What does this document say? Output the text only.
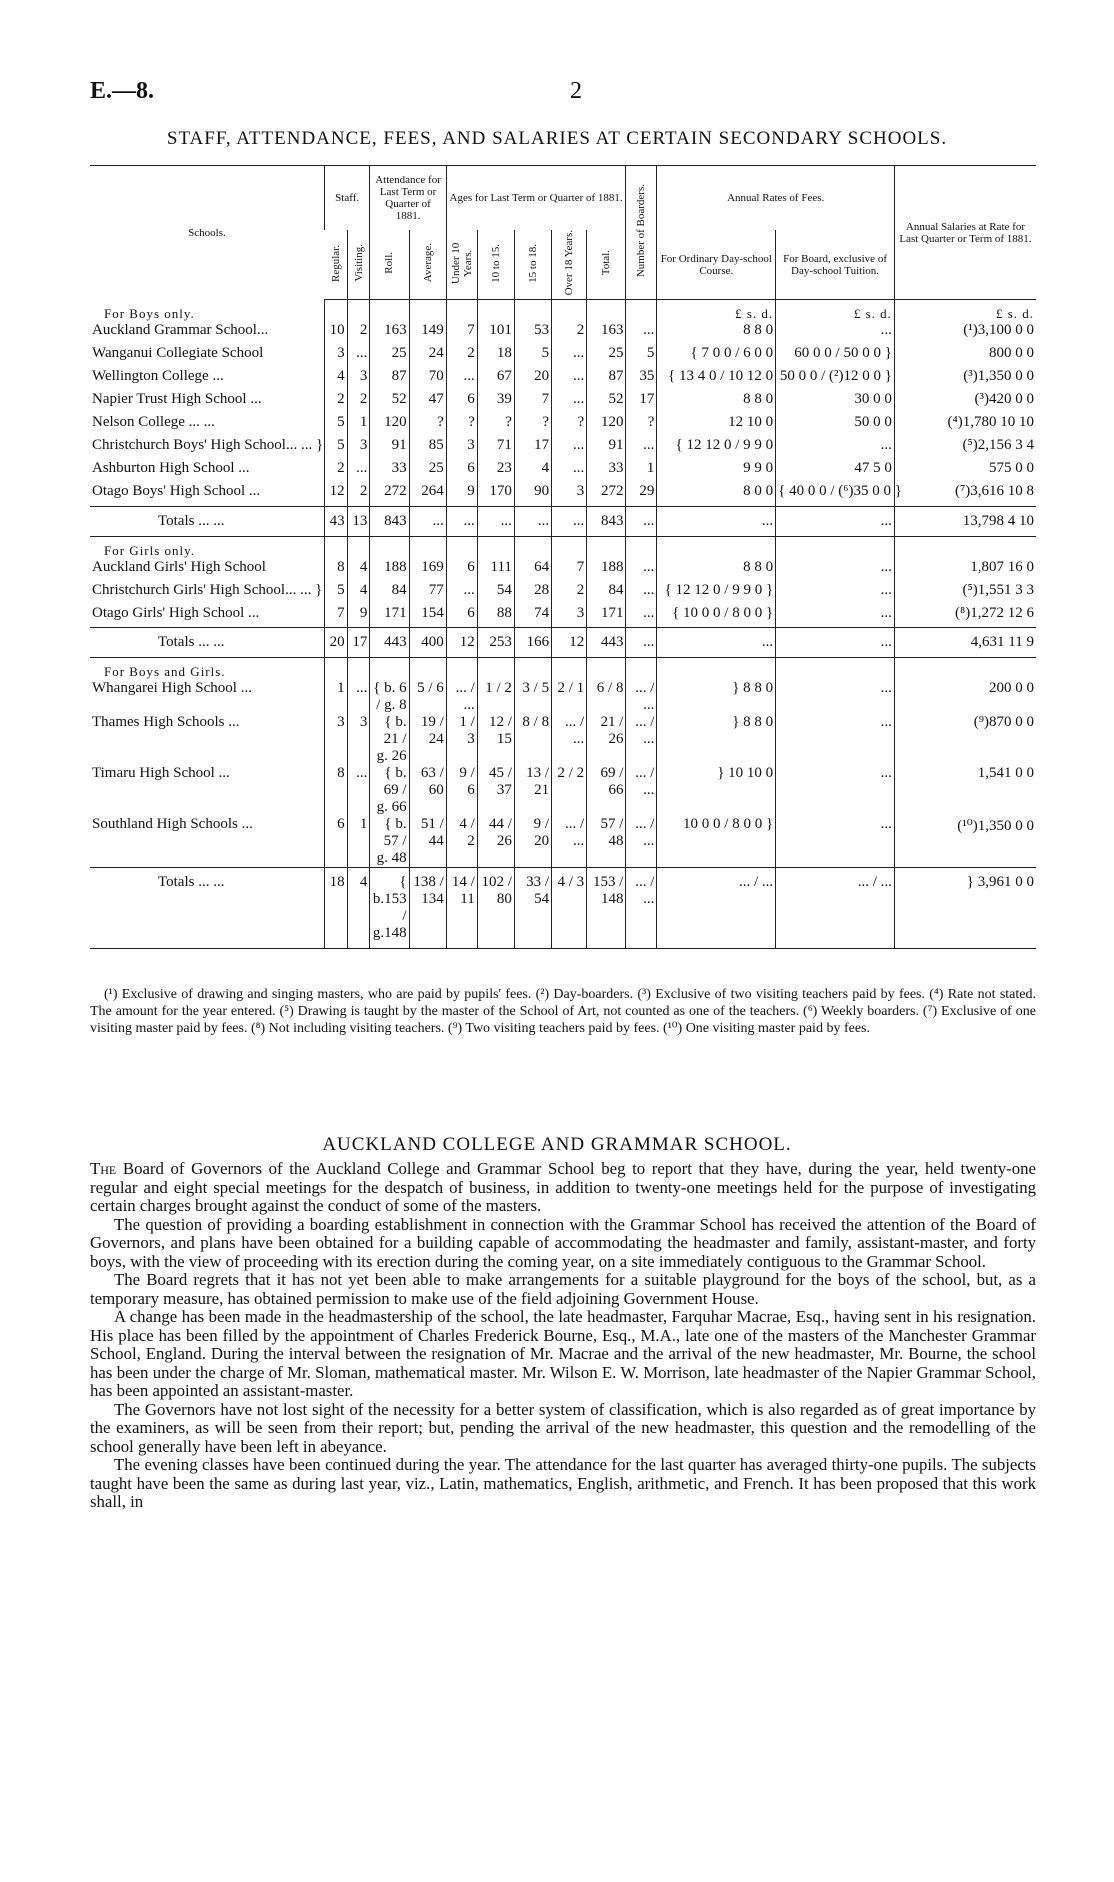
E.—8.	2
STAFF, ATTENDANCE, FEES, AND SALARIES AT CERTAIN SECONDARY SCHOOLS.
Schools.	Staff.		Attendance for Last Term or Quarter of 1881.		Ages for Last Term or Quarter of 1881.					Number of Boarders.	Annual Rates of Fees.		Annual Salaries at Rate for Last Quarter or Term of 1881.
	Regular.	Visiting.	Roll.	Average.	Under 10 Years.	10 to 15.	15 to 18.	Over 18 Years.	Total.		For Ordinary Day-school Course.	For Board, exclusive of Day-school Tuition.	
For Boys only.											£ s. d.	£ s. d.	£ s. d.
Auckland Grammar School...	10	2	163	149	7	101	53	2	163	...	8 8 0	...	(¹)3,100 0 0
Wanganui Collegiate School	3	...	25	24	2	18	5	...	25	5	{ 7 0 0 / 6 0 0	60 0 0 / 50 0 0 }	800 0 0
Wellington College ...	4	3	87	70	...	67	20	...	87	35	{ 13 4 0 / 10 12 0	50 0 0 / (²)12 0 0 }	(³)1,350 0 0
Napier Trust High School ...	2	2	52	47	6	39	7	...	52	17	8 8 0	30 0 0	(³)420 0 0
Nelson College ... ...	5	1	120	?	?	?	?	?	120	?	12 10 0	50 0 0	(⁴)1,780 10 10
Christchurch Boys' High School... ... }	5	3	91	85	3	71	17	...	91	...	{ 12 12 0 / 9 9 0	...	(⁵)2,156 3 4
Ashburton High School ...	2	...	33	25	6	23	4	...	33	1	9 9 0	47 5 0	575 0 0
Otago Boys' High School ...	12	2	272	264	9	170	90	3	272	29	8 0 0	{ 40 0 0 / (⁶)35 0 0 }	(⁷)3,616 10 8
Totals ... ...	43	13	843	...	...	...	...	...	843	...	...	...	13,798 4 10
For Girls only.													
Auckland Girls' High School	8	4	188	169	6	111	64	7	188	...	8 8 0	...	1,807 16 0
Christchurch Girls' High School... ... }	5	4	84	77	...	54	28	2	84	...	{ 12 12 0 / 9 9 0 }	...	(⁵)1,551 3 3
Otago Girls' High School ...	7	9	171	154	6	88	74	3	171	...	{ 10 0 0 / 8 0 0 }	...	(⁸)1,272 12 6
Totals ... ...	20	17	443	400	12	253	166	12	443	...	...	...	4,631 11 9
For Boys and Girls.													
Whangarei High School ...	1	...	{ b. 6 / g. 8	5 / 6	... / ...	1 / 2	3 / 5	2 / 1	6 / 8	... / ...	} 8 8 0	...	200 0 0
Thames High Schools ...	3	3	{ b. 21 / g. 26	19 / 24	1 / 3	12 / 15	8 / 8	... / ...	21 / 26	... / ...	} 8 8 0	...	(⁹)870 0 0
Timaru High School ...	8	...	{ b. 69 / g. 66	63 / 60	9 / 6	45 / 37	13 / 21	2 / 2	69 / 66	... / ...	} 10 10 0	...	1,541 0 0
Southland High Schools ...	6	1	{ b. 57 / g. 48	51 / 44	4 / 2	44 / 26	9 / 20	... / ...	57 / 48	... / ...	10 0 0 / 8 0 0 }	...	(¹⁰)1,350 0 0
Totals ... ...	18	4	{ b.153 / g.148	138 / 134	14 / 11	102 / 80	33 / 54	4 / 3	153 / 148	... / ...	... / ...	... / ...	} 3,961 0 0
(¹) Exclusive of drawing and singing masters, who are paid by pupils' fees. (²) Day-boarders. (³) Exclusive of two visiting teachers paid by fees. (⁴) Rate not stated. The amount for the year entered. (⁵) Drawing is taught by the master of the School of Art, not counted as one of the teachers. (⁶) Weekly boarders. (⁷) Exclusive of one visiting master paid by fees. (⁸) Not including visiting teachers. (⁹) Two visiting teachers paid by fees. (¹⁰) One visiting master paid by fees.
AUCKLAND COLLEGE AND GRAMMAR SCHOOL.

The Board of Governors of the Auckland College and Grammar School beg to report that they have, during the year, held twenty-one regular and eight special meetings for the despatch of business, in addition to twenty-one meetings held for the purpose of investigating certain charges brought against the conduct of some of the masters.

The question of providing a boarding establishment in connection with the Grammar School has received the attention of the Board of Governors, and plans have been obtained for a building capable of accommodating the headmaster and family, assistant-master, and forty boys, with the view of proceeding with its erection during the coming year, on a site immediately contiguous to the Grammar School.

The Board regrets that it has not yet been able to make arrangements for a suitable playground for the boys of the school, but, as a temporary measure, has obtained permission to make use of the field adjoining Government House.

A change has been made in the headmastership of the school, the late headmaster, Farquhar Macrae, Esq., having sent in his resignation. His place has been filled by the appointment of Charles Frederick Bourne, Esq., M.A., late one of the masters of the Manchester Grammar School, England. During the interval between the resignation of Mr. Macrae and the arrival of the new headmaster, Mr. Bourne, the school has been under the charge of Mr. Sloman, mathematical master. Mr. Wilson E. W. Morrison, late headmaster of the Napier Grammar School, has been appointed an assistant-master.

The Governors have not lost sight of the necessity for a better system of classification, which is also regarded as of great importance by the examiners, as will be seen from their report; but, pending the arrival of the new headmaster, this question and the remodelling of the school generally have been left in abeyance.

The evening classes have been continued during the year. The attendance for the last quarter has averaged thirty-one pupils. The subjects taught have been the same as during last year, viz., Latin, mathematics, English, arithmetic, and French. It has been proposed that this work shall, in
